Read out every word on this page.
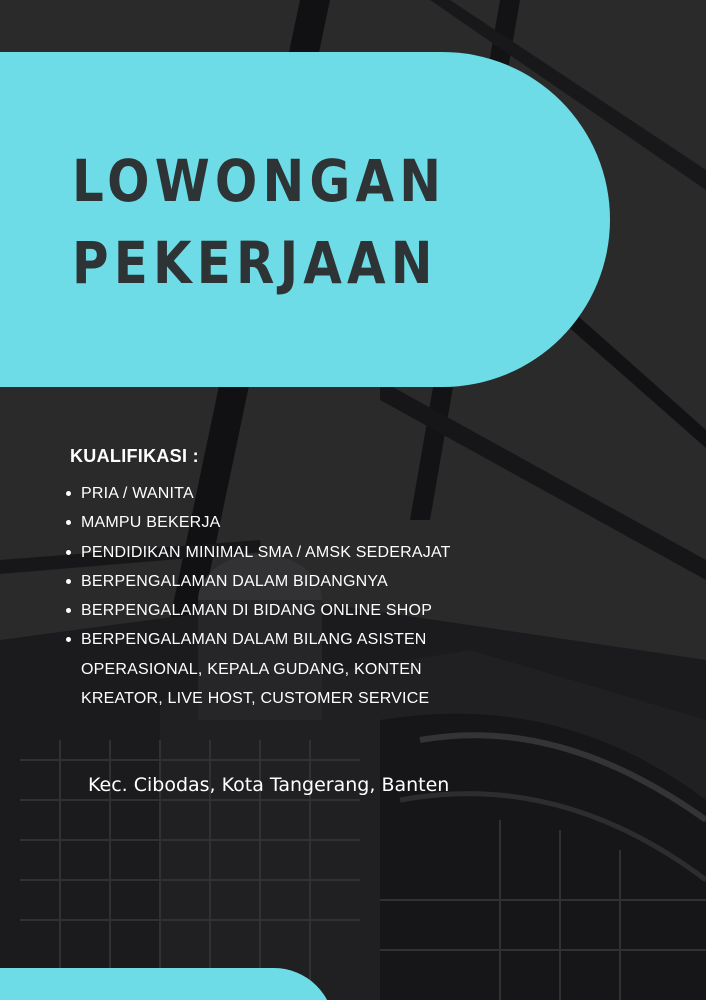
LOWONGAN
PEKERJAAN
KUALIFIKASI :
PRIA / WANITA
MAMPU BEKERJA
PENDIDIKAN MINIMAL SMA / AMSK SEDERAJAT
BERPENGALAMAN DALAM BIDANGNYA
BERPENGALAMAN DI BIDANG ONLINE SHOP
BERPENGALAMAN DALAM BILANG ASISTEN OPERASIONAL, KEPALA GUDANG, KONTEN KREATOR, LIVE HOST, CUSTOMER SERVICE

Kec. Cibodas, Kota Tangerang, Banten
